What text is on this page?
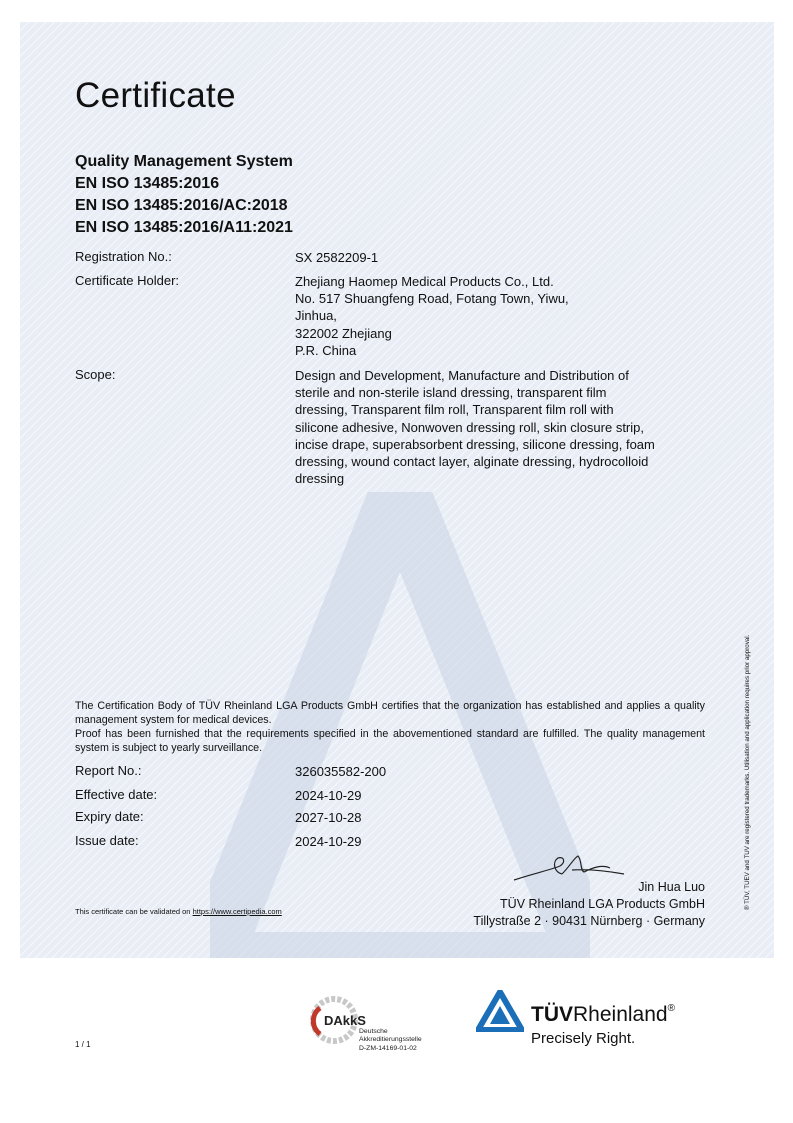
Certificate
Quality Management System
EN ISO 13485:2016
EN ISO 13485:2016/AC:2018
EN ISO 13485:2016/A11:2021
Registration No.:	SX 2582209-1
Certificate Holder:	Zhejiang Haomep Medical Products Co., Ltd.
No. 517 Shuangfeng Road, Fotang Town, Yiwu,
Jinhua,
322002 Zhejiang
P.R. China
Scope:	Design and Development, Manufacture and Distribution of
sterile and non-sterile island dressing, transparent film
dressing, Transparent film roll, Transparent film roll with
silicone adhesive, Nonwoven dressing roll, skin closure strip,
incise drape, superabsorbent dressing, silicone dressing, foam
dressing, wound contact layer, alginate dressing, hydrocolloid
dressing
The Certification Body of TÜV Rheinland LGA Products GmbH certifies that the organization has established and applies a quality management system for medical devices.
Proof has been furnished that the requirements specified in the abovementioned standard are fulfilled. The quality management system is subject to yearly surveillance.
Report No.:	326035582-200
Effective date:	2024-10-29
Expiry date:	2027-10-28
Issue date:	2024-10-29
Jin Hua Luo
TÜV Rheinland LGA Products GmbH
Tillystraße 2 · 90431 Nürnberg · Germany
This certificate can be validated on https://www.certipedia.com
® TÜV, TUEV and TUV are registered trademarks. Utilisation and application requires prior approval.
1 / 1
DAkkS
Deutsche
Akkreditierungsstelle
D-ZM-14169-01-02
TÜVRheinland®
Precisely Right.
